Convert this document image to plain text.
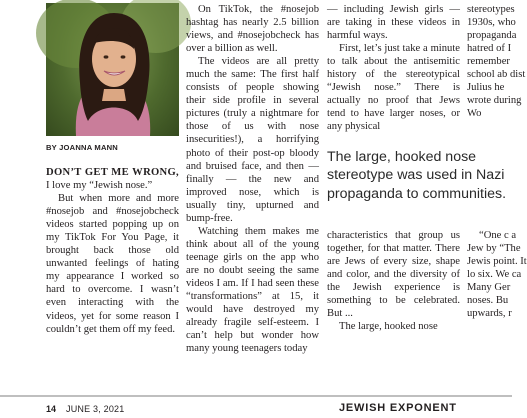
BY JOANNA MANN

DON’T GET ME WRONG, I love my “Jewish nose.”

But when more and more #nosejob and #nosejobcheck videos started popping up on my TikTok For You Page, it brought back those old unwanted feelings of hating my appearance I worked so hard to overcome. I wasn’t even interacting with the videos, yet for some reason I couldn’t get them off my feed.

On TikTok, the #nosejob hashtag has nearly 2.5 billion views, and #nosejobcheck has over a billion as well.

The videos are all pretty much the same: The first half consists of people showing their side profile in several pictures (truly a nightmare for those of us with nose insecurities!), a horrifying photo of their post-op bloody and bruised face, and then — finally — the new and improved nose, which is usually tiny, upturned and bump-free.

Watching them makes me think about all of the young teenage girls on the app who are no doubt seeing the same videos I am. If I had seen these “transformations” at 15, it would have destroyed my already fragile self-esteem. I can’t help but wonder how many young teenagers today

— including Jewish girls — are taking in these videos in harmful ways.

First, let’s just take a minute to talk about the antisemitic history of the stereotypical “Jewish nose.” There is actually no proof that Jews tend to have larger noses, or any physical

stereotypes 1930s, who propaganda hatred of I remember school ab dist Julius he wrote during Wo

The large, hooked nose stereotype was used in Nazi propaganda to communities.

characteristics that group us together, for that matter. There are Jews of every size, shape and color, and the diversity of the Jewish experience is something to be celebrated. But ...

The large, hooked nose

“One c a Jew by “The Jewis point. It lo six. We ca Many Ger noses. Bu upwards, r

14 JUNE 3, 2021	JEWISH EXPONENT
